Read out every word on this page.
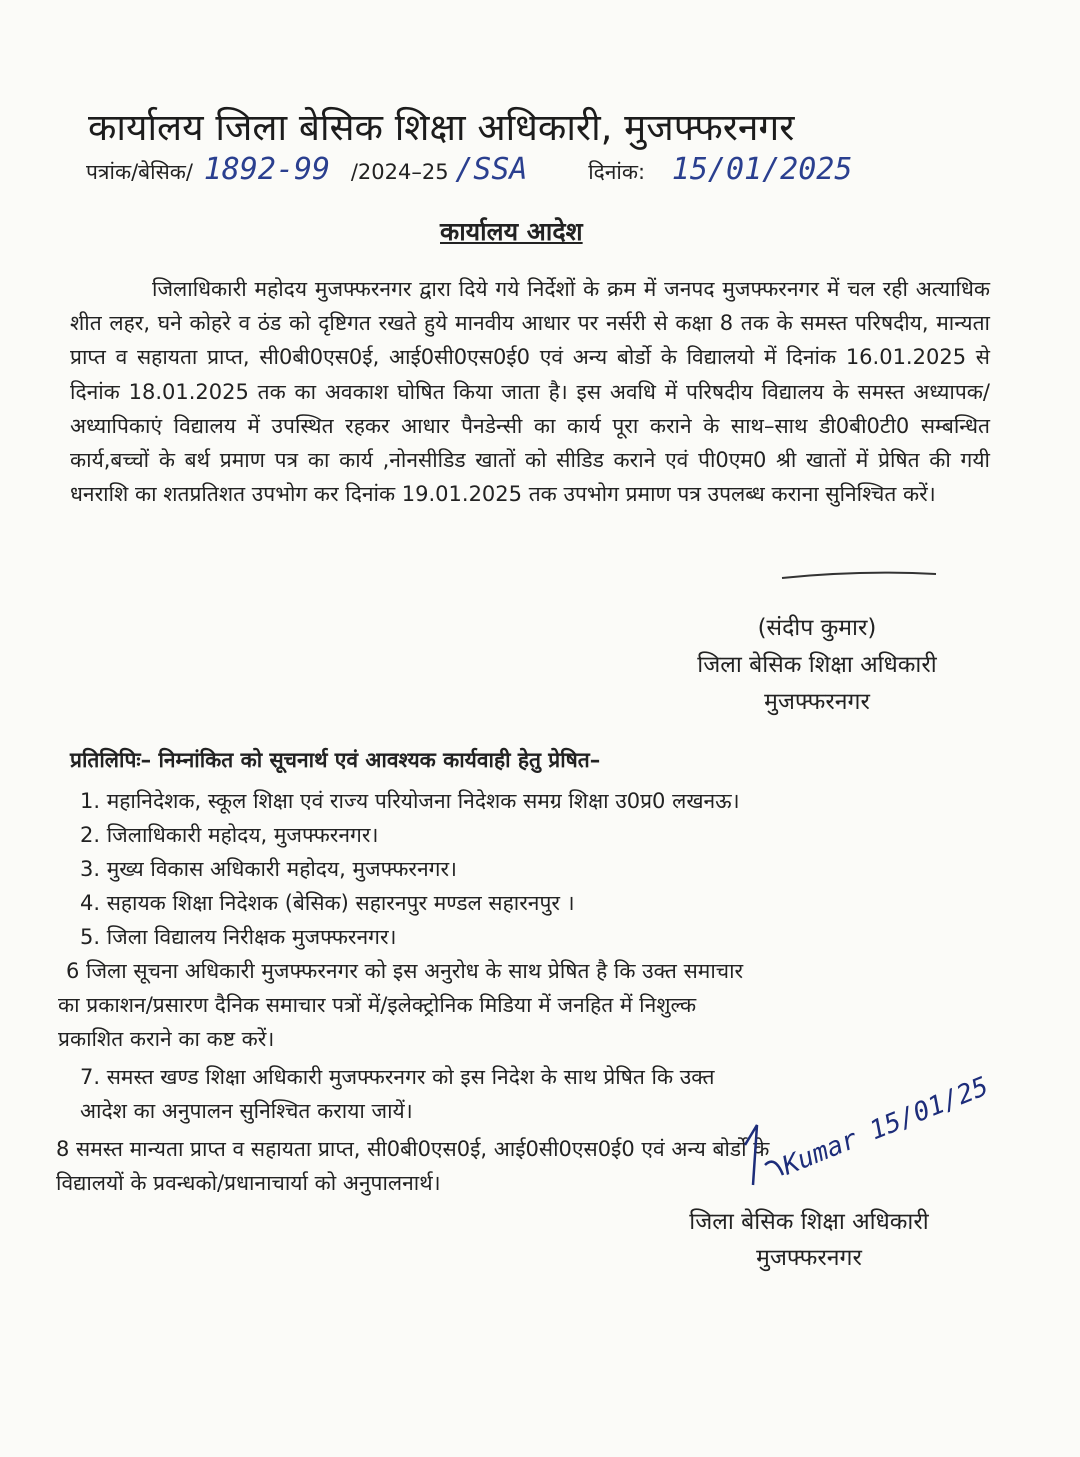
कार्यालय जिला बेसिक शिक्षा अधिकारी, मुजफ्फरनगर
पत्रांक/बेसिक/ 1892-99 /2024–25 /SSA	दिनांक: 15/01/2025
कार्यालय आदेश
जिलाधिकारी महोदय मुजफ्फरनगर द्वारा दिये गये निर्देशों के क्रम में जनपद मुजफ्फरनगर में चल रही अत्याधिक शीत लहर, घने कोहरे व ठंड को दृष्टिगत रखते हुये मानवीय आधार पर नर्सरी से कक्षा 8 तक के समस्त परिषदीय, मान्यता प्राप्त व सहायता प्राप्त, सी0बी0एस0ई, आई0सी0एस0ई0 एवं अन्य बोर्डो के विद्यालयो में दिनांक 16.01.2025 से दिनांक 18.01.2025 तक का अवकाश घोषित किया जाता है। इस अवधि में परिषदीय विद्यालय के समस्त अध्यापक/अध्यापिकाएं विद्यालय में उपस्थित रहकर आधार पैनडेन्सी का कार्य पूरा कराने के साथ–साथ डी0बी0टी0 सम्बन्धित कार्य,बच्चों के बर्थ प्रमाण पत्र का कार्य ,नोनसीडिड खातों को सीडिड कराने एवं पी0एम0 श्री खातों में प्रेषित की गयी धनराशि का शतप्रतिशत उपभोग कर दिनांक 19.01.2025 तक उपभोग प्रमाण पत्र उपलब्ध कराना सुनिश्चित करें।
(संदीप कुमार)
जिला बेसिक शिक्षा अधिकारी
मुजफ्फरनगर
प्रतिलिपिः– निम्नांकित को सूचनार्थ एवं आवश्यक कार्यवाही हेतु प्रेषित–
1. महानिदेशक, स्कूल शिक्षा एवं राज्य परियोजना निदेशक समग्र शिक्षा उ0प्र0 लखनऊ।
2. जिलाधिकारी महोदय, मुजफ्फरनगर।
3. मुख्य विकास अधिकारी महोदय, मुजफ्फरनगर।
4. सहायक शिक्षा निदेशक (बेसिक) सहारनपुर मण्डल सहारनपुर ।
5. जिला विद्यालय निरीक्षक मुजफ्फरनगर।
6 जिला सूचना अधिकारी मुजफ्फरनगर को इस अनुरोध के साथ प्रेषित है कि उक्त समाचार
का प्रकाशन/प्रसारण दैनिक समाचार पत्रों में/इलेक्ट्रोनिक मिडिया में जनहित में निशुल्क
प्रकाशित कराने का कष्ट करें।
7. समस्त खण्ड शिक्षा अधिकारी मुजफ्फरनगर को इस निदेश के साथ प्रेषित कि उक्त
आदेश का अनुपालन सुनिश्चित कराया जायें।
8 समस्त मान्यता प्राप्त व सहायता प्राप्त, सी0बी0एस0ई, आई0सी0एस0ई0 एवं अन्य बोर्डो के
विद्यालयों के प्रवन्धको/प्रधानाचार्या को अनुपालनार्थ।
Kumar 15/01/25
जिला बेसिक शिक्षा अधिकारी
मुजफ्फरनगर
